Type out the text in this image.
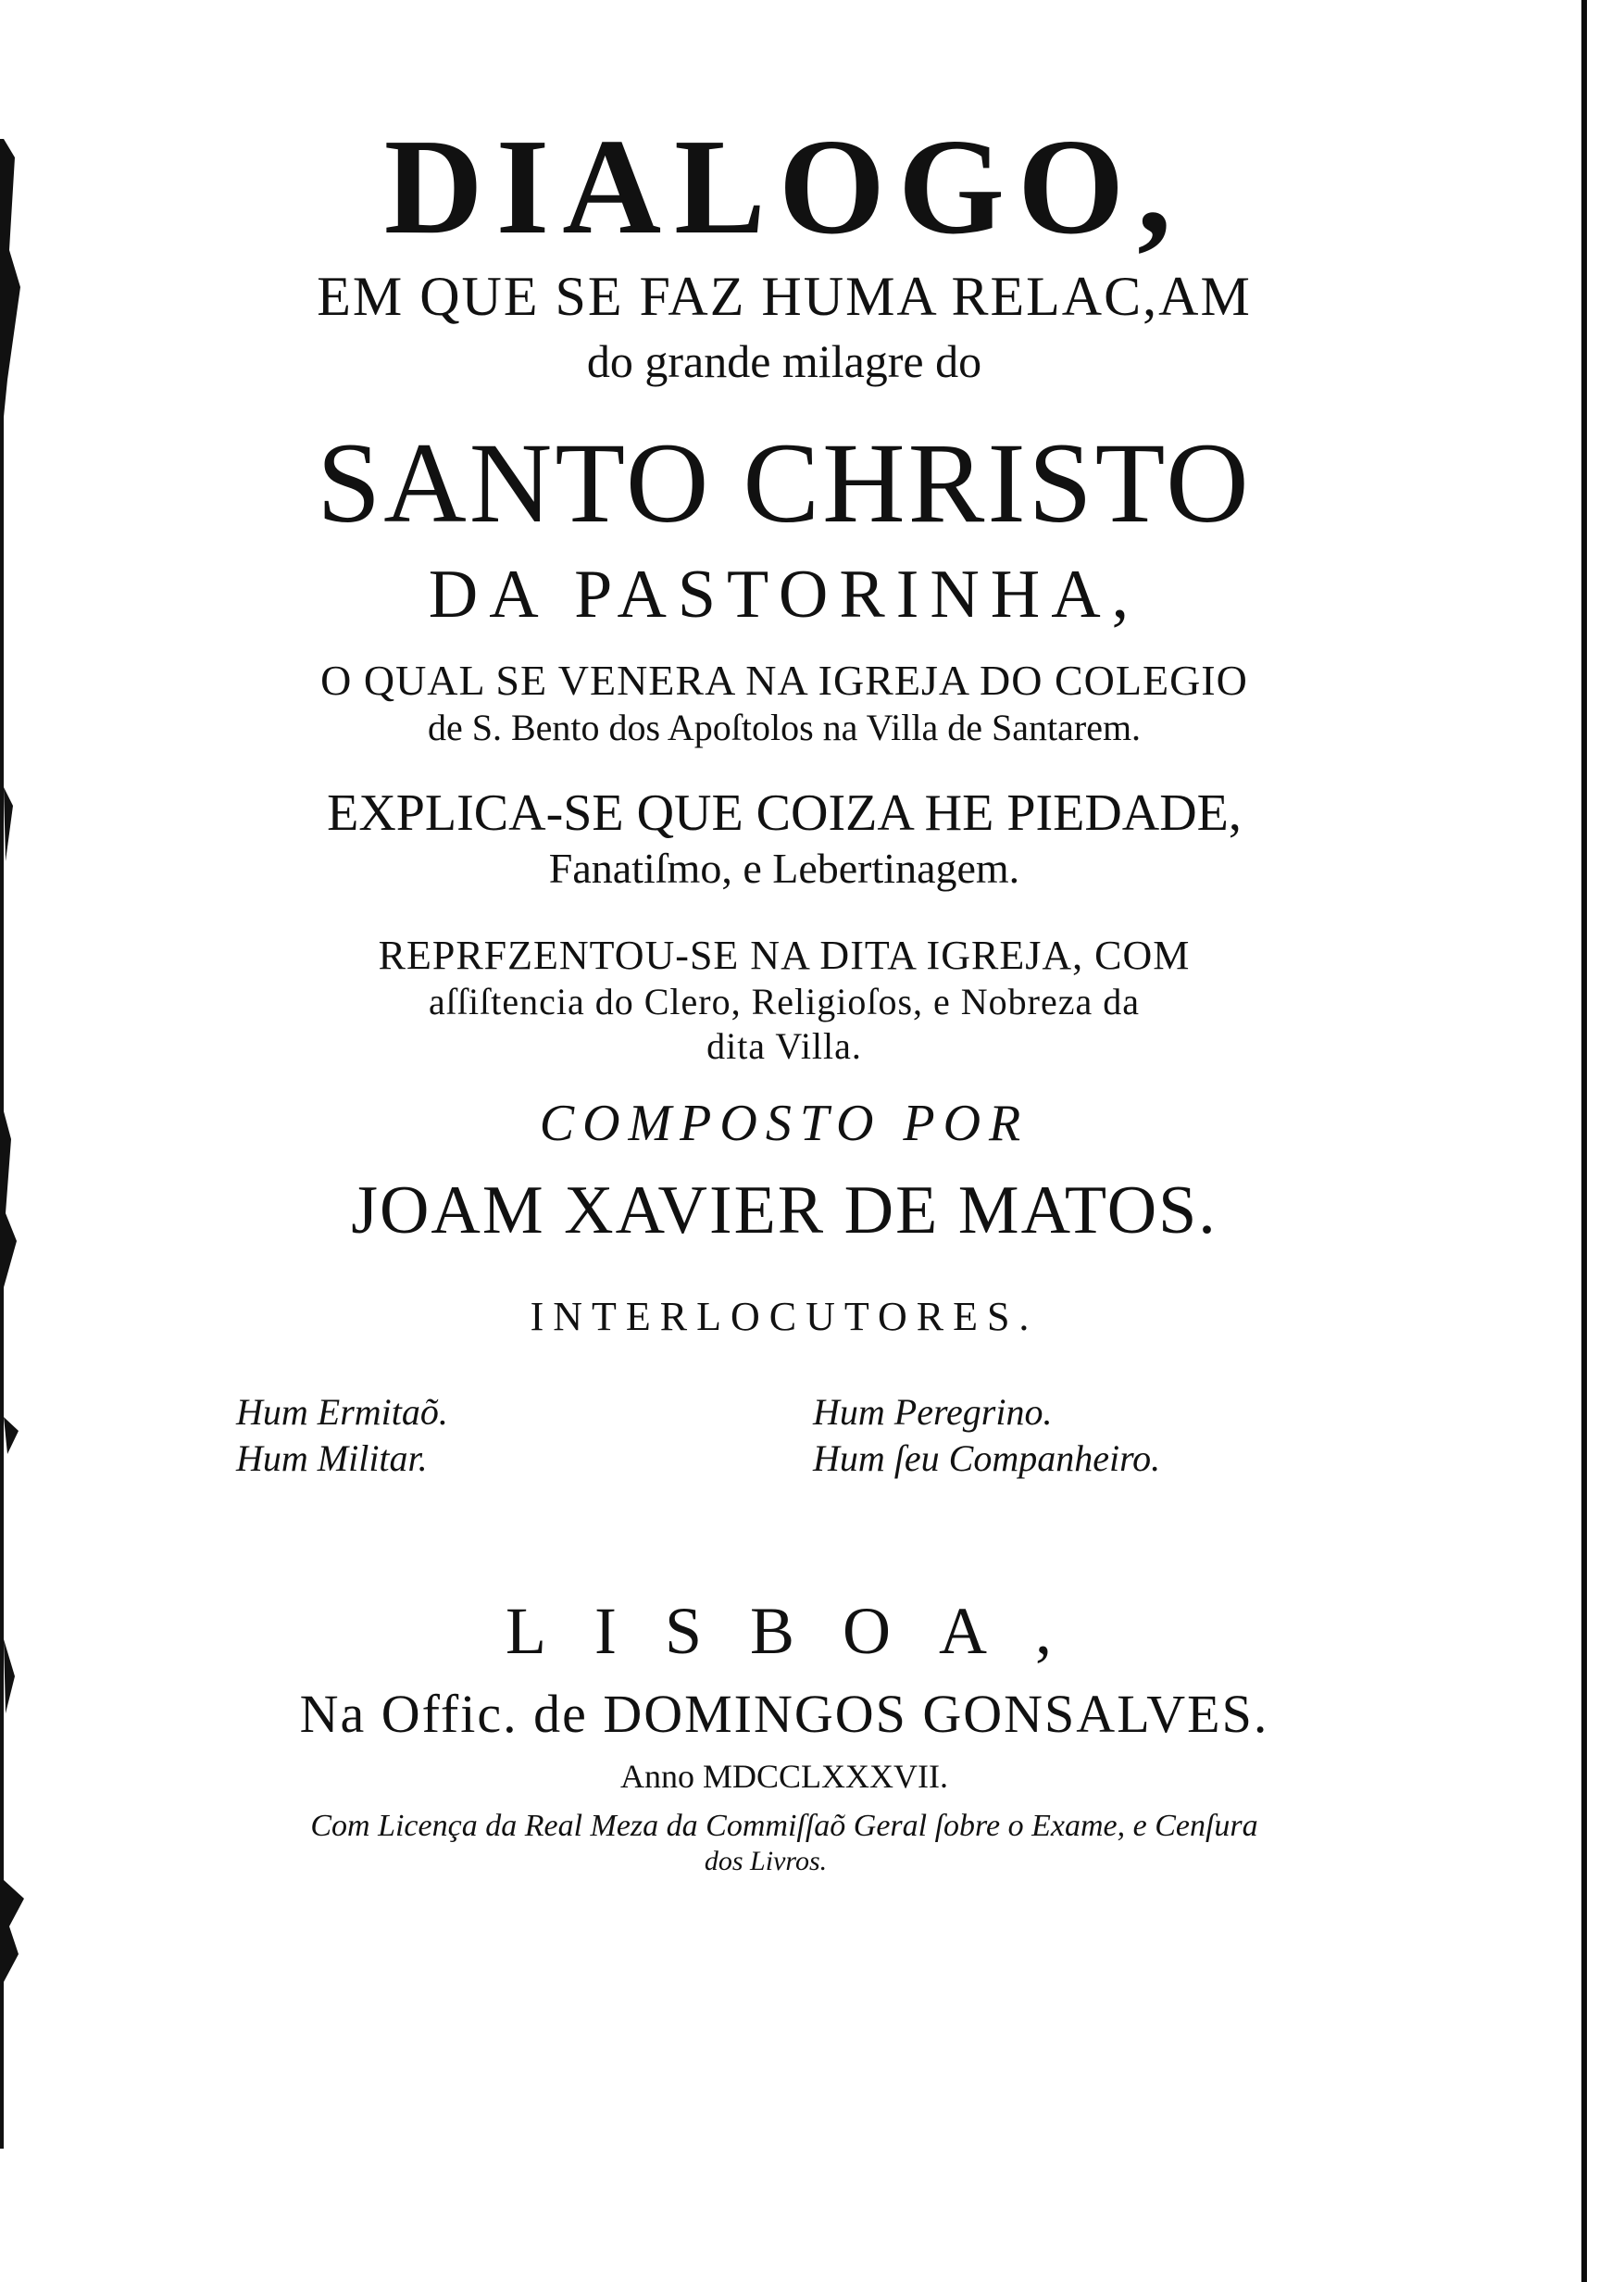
DIALOGO,
EM QUE SE FAZ HUMA RELAC,AM
do grande milagre do
SANTO CHRISTO
DA PASTORINHA,
O QUAL SE VENERA NA IGREJA DO COLEGIO
de S. Bento dos Apoſtolos na Villa de Santarem.
EXPLICA-SE QUE COIZA HE PIEDADE,
Fanatiſmo, e Lebertinagem.
REPRFZENTOU-SE NA DITA IGREJA, COM
aſſiſtencia do Clero, Religioſos, e Nobreza da
dita Villa.
COMPOSTO POR
JOAM XAVIER DE MATOS.
INTERLOCUTORES.
Hum Ermitaõ.
Hum Militar.
Hum Peregrino.
Hum ſeu Companheiro.
LISBOA,
Na Offic. de DOMINGOS GONSALVES.
Anno MDCCLXXXVII.
Com Licença da Real Meza da Commiſſaõ Geral ſobre o Exame, e Cenſura
dos Livros.
